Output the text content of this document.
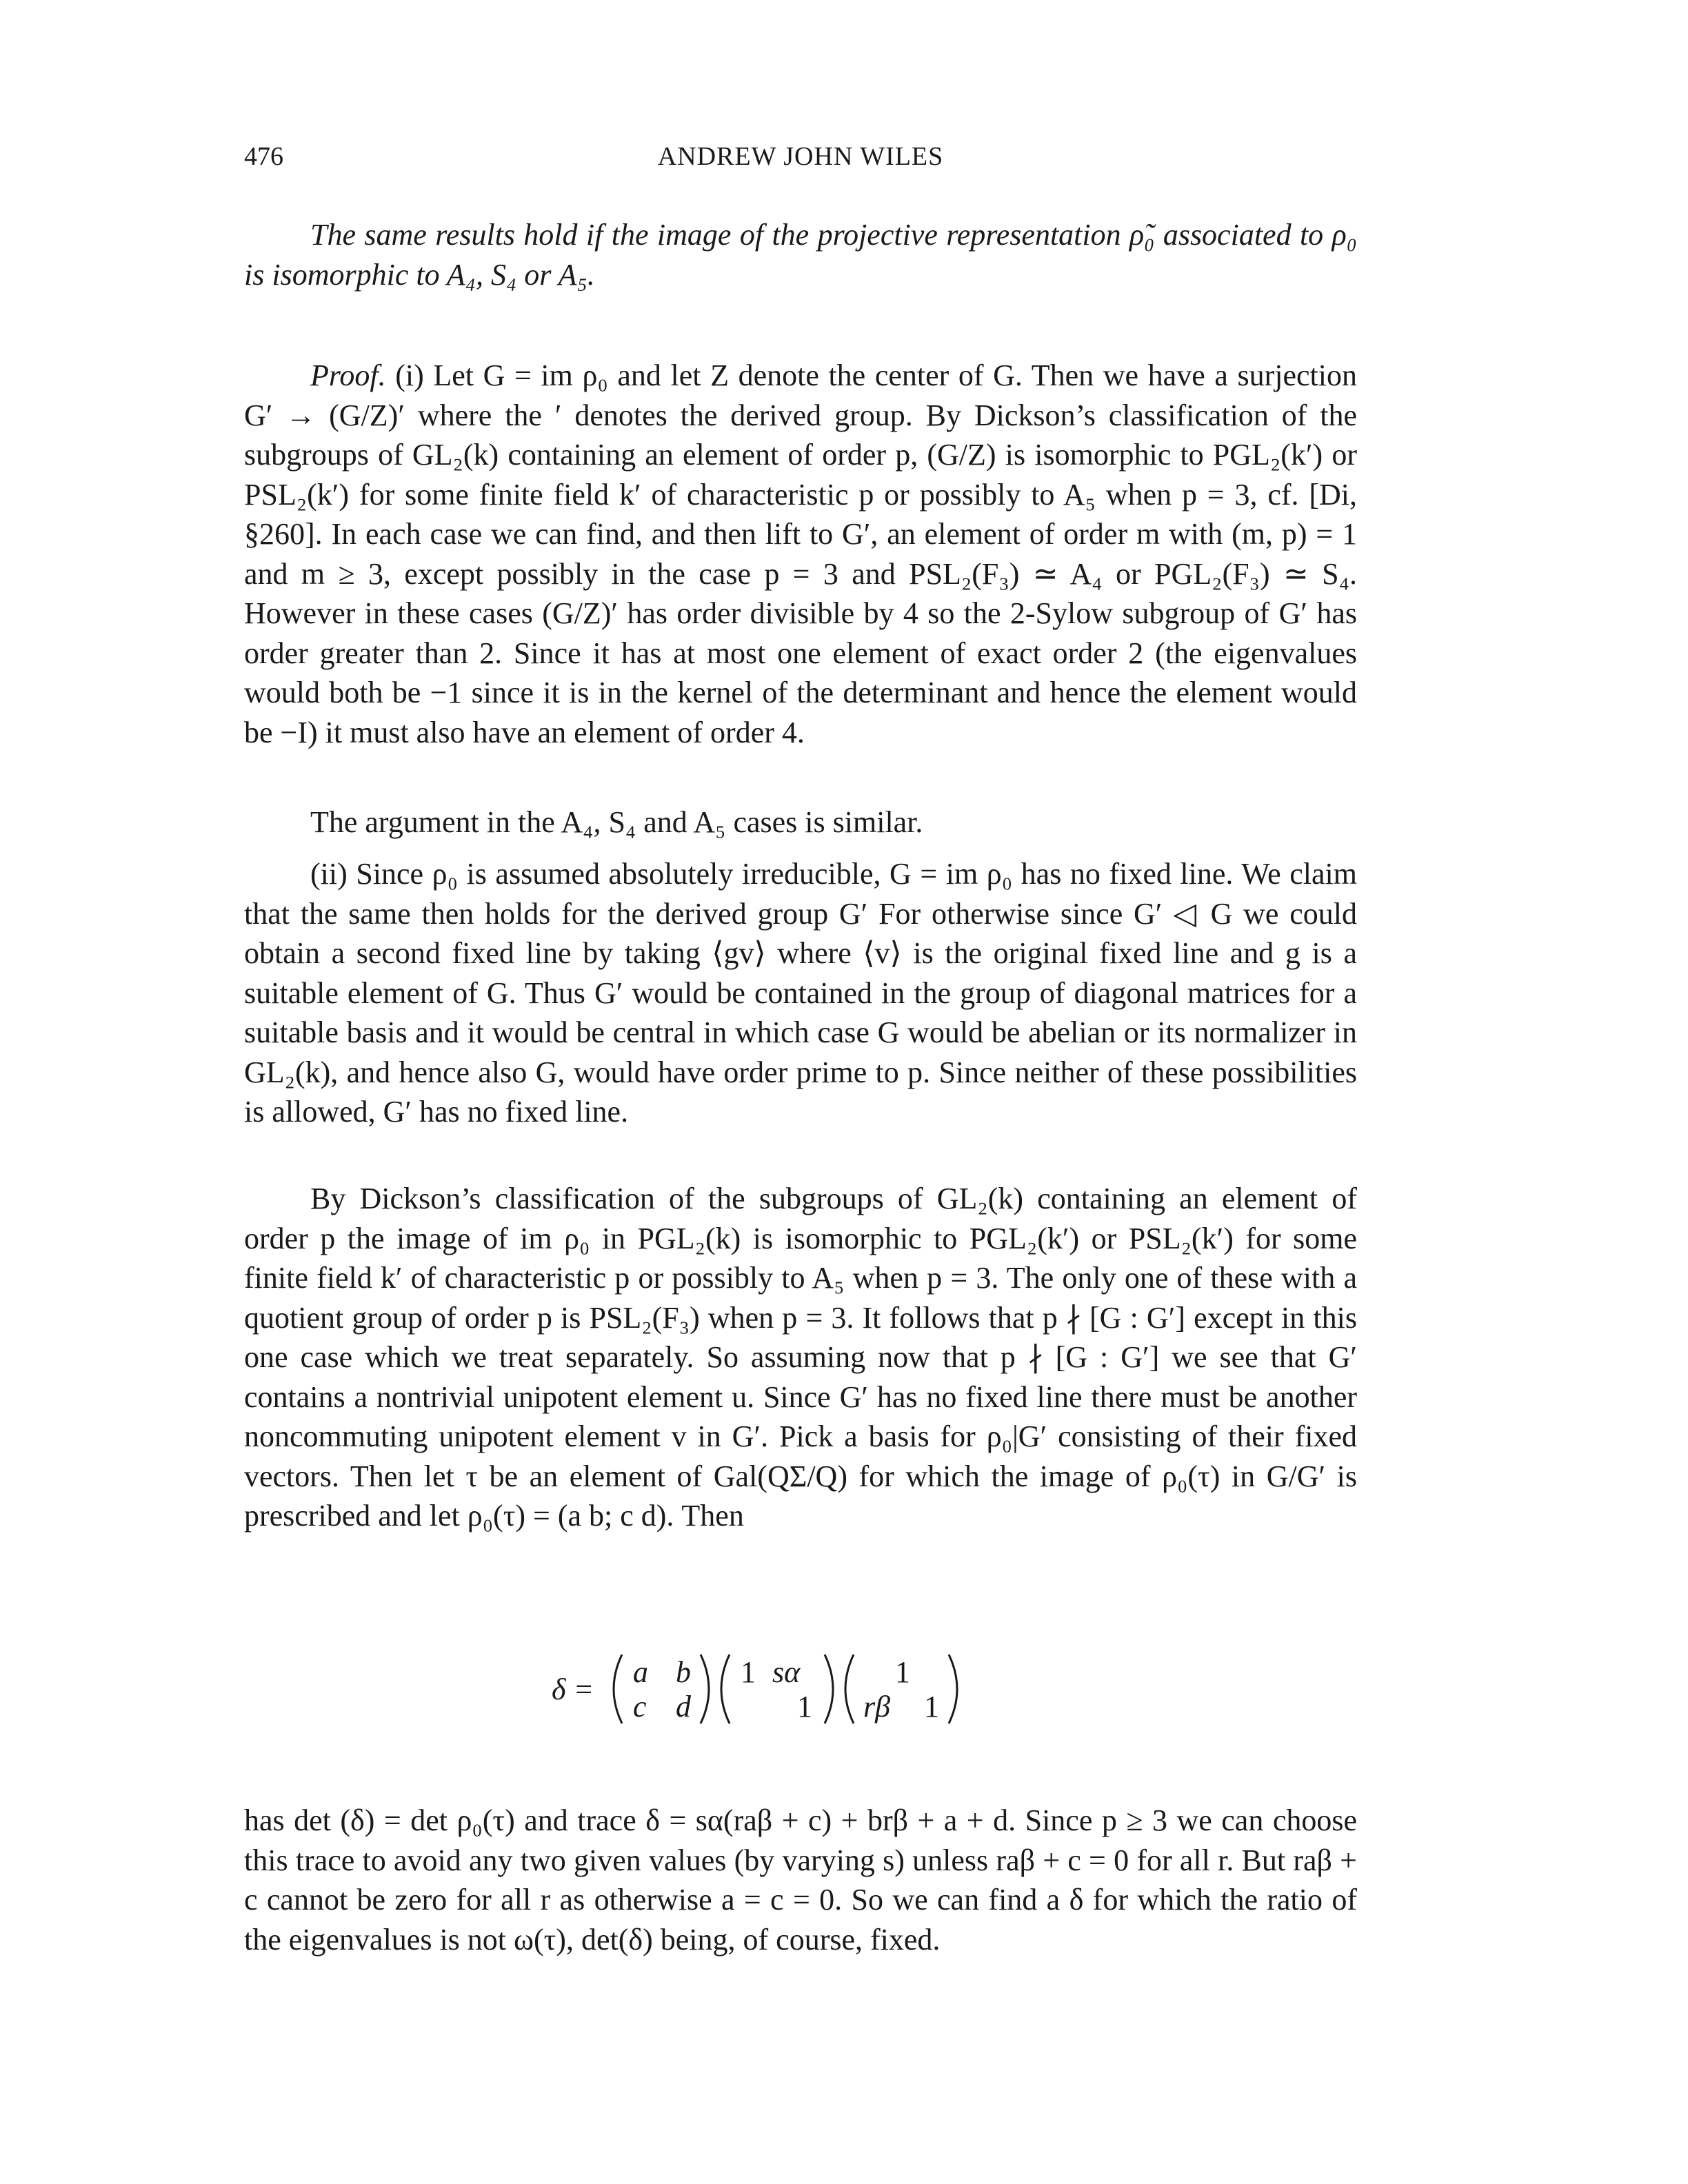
476	ANDREW JOHN WILES

The same results hold if the image of the projective representation ρ̃₀ associated to ρ₀ is isomorphic to A₄, S₄ or A₅.

Proof. (i) Let G = im ρ₀ and let Z denote the center of G. Then we have a surjection G′ → (G/Z)′ where the ′ denotes the derived group. By Dickson’s classification of the subgroups of GL₂(k) containing an element of order p, (G/Z) is isomorphic to PGL₂(k′) or PSL₂(k′) for some finite field k′ of characteristic p or possibly to A₅ when p = 3, cf. [Di, §260]. In each case we can find, and then lift to G′, an element of order m with (m, p) = 1 and m ≥ 3, except possibly in the case p = 3 and PSL₂(F₃) ≃ A₄ or PGL₂(F₃) ≃ S₄. However in these cases (G/Z)′ has order divisible by 4 so the 2-Sylow subgroup of G′ has order greater than 2. Since it has at most one element of exact order 2 (the eigenvalues would both be −1 since it is in the kernel of the determinant and hence the element would be −I) it must also have an element of order 4.

The argument in the A₄, S₄ and A₅ cases is similar.

(ii) Since ρ₀ is assumed absolutely irreducible, G = im ρ₀ has no fixed line. We claim that the same then holds for the derived group G′ For otherwise since G′ ◁ G we could obtain a second fixed line by taking ⟨gv⟩ where ⟨v⟩ is the original fixed line and g is a suitable element of G. Thus G′ would be contained in the group of diagonal matrices for a suitable basis and it would be central in which case G would be abelian or its normalizer in GL₂(k), and hence also G, would have order prime to p. Since neither of these possibilities is allowed, G′ has no fixed line.

By Dickson’s classification of the subgroups of GL₂(k) containing an element of order p the image of im ρ₀ in PGL₂(k) is isomorphic to PGL₂(k′) or PSL₂(k′) for some finite field k′ of characteristic p or possibly to A₅ when p = 3. The only one of these with a quotient group of order p is PSL₂(F₃) when p = 3. It follows that p ∤ [G : G′] except in this one case which we treat separately. So assuming now that p ∤ [G : G′] we see that G′ contains a nontrivial unipotent element u. Since G′ has no fixed line there must be another noncommuting unipotent element v in G′. Pick a basis for ρ₀|G′ consisting of their fixed vectors. Then let τ be an element of Gal(QΣ/Q) for which the image of ρ₀(τ) in G/G′ is prescribed and let ρ₀(τ) = (a b; c d). Then

δ =
a b
c d
1 sα
1
1
rβ 1

has det (δ) = det ρ₀(τ) and trace δ = sα(raβ + c) + brβ + a + d. Since p ≥ 3 we can choose this trace to avoid any two given values (by varying s) unless raβ + c = 0 for all r. But raβ + c cannot be zero for all r as otherwise a = c = 0. So we can find a δ for which the ratio of the eigenvalues is not ω(τ), det(δ) being, of course, fixed.
